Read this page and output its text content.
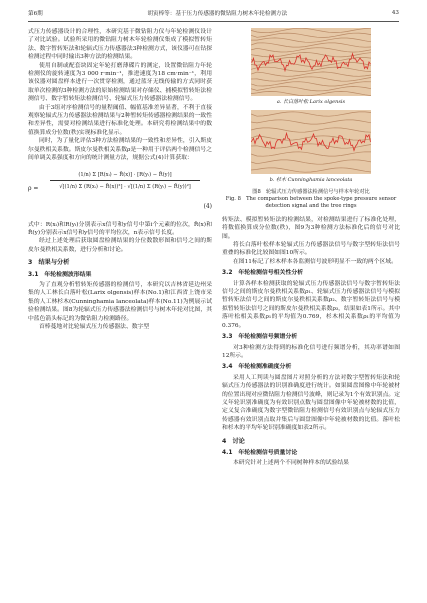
第6期	胡寅棒等：基于压力传感器的微钻阻力树木年轮检测方法	43

式压力传感器设计的合理性，本研究基于微钻阻力仪与年轮检测仪设计了对比试验。试验所采用的微钻阻力树木年轮检测仪集成了模拟暂转矩法、数字暂转矩法和轮辐式压力传感器法3种检测方式，该仪器可在钻探检测过程中同时输出3种方法的检测结果。

使用自制或配套块固定年轮打磨薄碟片的测定，设置微钻阻力年轮检测仪的旋转速度为3 000 r·min⁻¹，推进速度为18 cm·min⁻¹，利用该仪器对圆盘样本进行一次贯穿检测，通过蓝牙无线传输的方式同时获取单次检测的3种检测方法的原始检测结果对存储仪、捕模拟暂转矩法检测信号、数字暂转矩法检测信号、轮辐式压力传感器法检测信号。

由于3组对序检测信号的量程阈值、幅值基准差异显著，不利于直接观察轮辐式压力传感器法检测结果与2种暂转矩传感器检测结果的一致性和差异性，需要对检测结果进行标准化处理。本研究将检测结果中的数值换算成分位数(秩)实现标准化显示。

同时，为了量化评估3种方法检测结果的一致性和差异性，引入斯皮尔曼秩相关系数。斯皮尔曼秩相关系数ρ是一种用于评估两个检测信号之间单调关系强度和方向的统计测量方法，规据公式(4)计算获取：

$\rho = \frac{\text{(1/n) Σ [R(xᵢ) − R̄(x)] · [R(yᵢ) − R̄(y)]}}{\text{√[(1/n) Σ (R(xᵢ) − R̄(x))²] · √[(1/n) Σ (R(yᵢ) − R̄(y))²]}}$
(4)

式中：R(xᵢ)和R(yᵢ)分别表示x信号和y信号中第i个元素的位次，R̄(x)和R̄(y)分别表示x信号和y信号的平均位次，n表示信号长度。

经过上述处理后获取圆盘检测结果的分位数散形图和信号之间的斯皮尔曼秩相关系数，进行分析和讨论。

3　结果与分析
3.1　年轮检测波形结果

为了直观分析暂转矩传感器的检测信号，本研究以吉林省延边州采集的人工林长白落叶松(Larix olgensis)样本(No.1)和江西省上饶市采集的人工林杉木(Cunninghamia lanceolata)样本(No.11)为例展示试验检测结果。图8为轮辐式压力传感器法检测信号与树木年轮对比图，其中蓝色箭头标记的为微钻阻力检测路径。

首棒蔓地对比轮辐式压力传感器法、数字型

a. 长白落叶松 Larix olgensis
b. 杉木 Cunninghamia lanceolata
图8　轮辐式压力传感器法检测信号与样本年轮对比
Fig. 8　The comparison between the spoke-type pressure sensor detection signal and the tree rings

转矩法、模拟暂转矩法的检测结果，对检测结果进行了标准化处理，将数值换算成分位数(秩)，图9为3种检测方法标准化后的信号对比图。

将长白落叶松样本轮辐式压力传感器法信号与数字型转矩法信号重叠的标准化比较图如图10所示。

在图11标记了杉木样本各监测信号波形明显不一致的两个区域。

3.2　年轮检测信号相关性分析

计算各样本检测获取的轮辐式压力传感器法信号与数字暂转矩法信号之间的斯皮尔曼秩相关系数ρ₁、轮辐式压力传感器法信号与模拟暂转矩法信号之间的斯皮尔曼秩相关系数ρ₂、数字暂转矩法信号与模拟暂转矩法信号之间的斯皮尔曼秩相关系数ρ₃，结果如表1所示。其中落叶松相关系数ρ₁的平均值为0.769，杉木相关系数ρ₁的平均值为0.376。

3.3　年轮检测信号频谱分析

对3种检测方法得到的标准化信号进行频谱分析，其功率谱如图12所示。

3.4　年轮检测准确度分析

采用人工判读与圆盘图片对照分析的方法对数字型暂转矩法和轮辐式压力传感器法的识别准确度进行统计。如果圆盘图像中年轮被材的位置出现对应微钻阻力检测信号波峰，则记录为1个有效识别点。定义年轮识别准确度为有效识别点数与圆盘图像中年轮被材数的比值，定义复合准确度为数字型微钻阻力检测信号有效识别点与轮辐式压力传感器有效识别点取并集后与圆盘图像中年轮被材数的比值。落叶松和杉木的平均年轮识别准确度如表2所示。

4　讨论
4.1　年轮检测信号质量讨论

本研究针对上述两个不同树种样本的试验结果
